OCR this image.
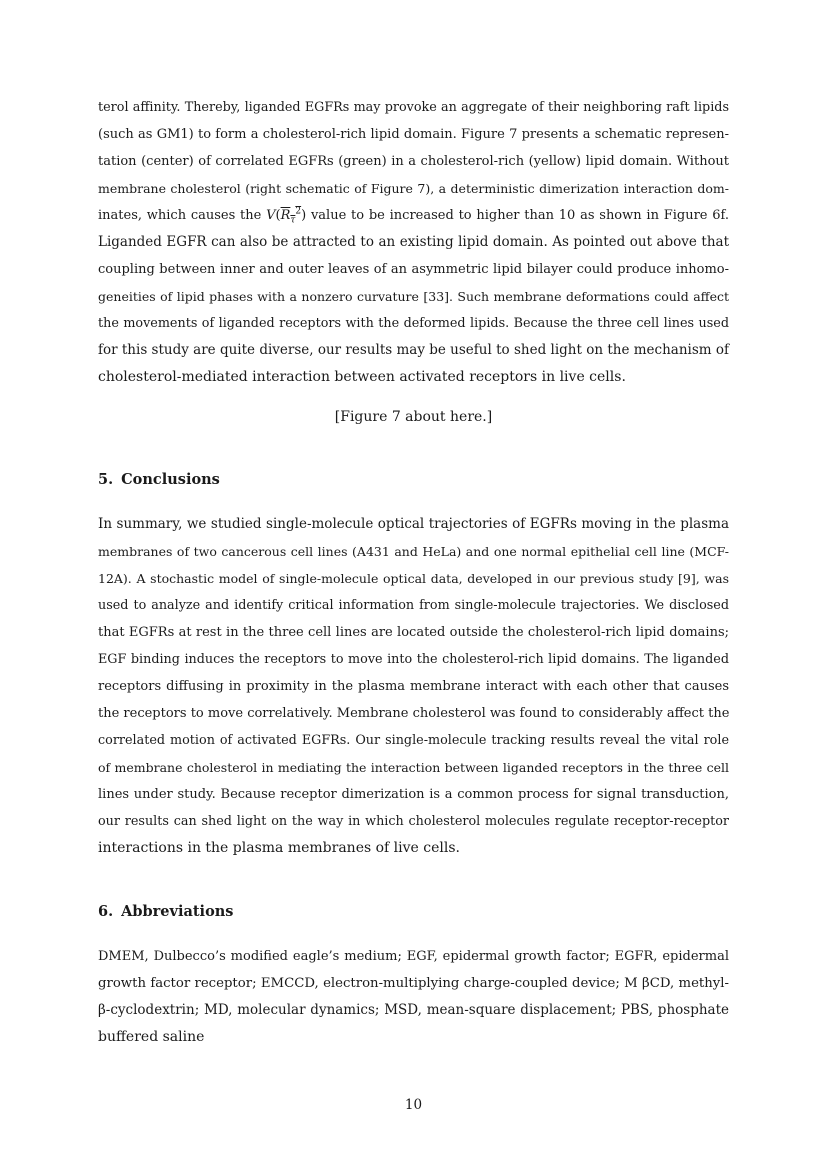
terol affinity. Thereby, liganded EGFRs may provoke an aggregate of their neighboring raft lipids
(such as GM1) to form a cholesterol-rich lipid domain. Figure 7 presents a schematic represen-
tation (center) of correlated EGFRs (green) in a cholesterol-rich (yellow) lipid domain. Without
membrane cholesterol (right schematic of Figure 7), a deterministic dimerization interaction dom-
inates, which causes the $V(R_\tau^2)$ value to be increased to higher than 10 as shown in Figure 6f.
Liganded EGFR can also be attracted to an existing lipid domain. As pointed out above that
coupling between inner and outer leaves of an asymmetric lipid bilayer could produce inhomo-
geneities of lipid phases with a nonzero curvature [33]. Such membrane deformations could affect
the movements of liganded receptors with the deformed lipids. Because the three cell lines used
for this study are quite diverse, our results may be useful to shed light on the mechanism of
cholesterol-mediated interaction between activated receptors in live cells.
[Figure 7 about here.]
5. Conclusions
In summary, we studied single-molecule optical trajectories of EGFRs moving in the plasma
membranes of two cancerous cell lines (A431 and HeLa) and one normal epithelial cell line (MCF-
12A). A stochastic model of single-molecule optical data, developed in our previous study [9], was
used to analyze and identify critical information from single-molecule trajectories. We disclosed
that EGFRs at rest in the three cell lines are located outside the cholesterol-rich lipid domains;
EGF binding induces the receptors to move into the cholesterol-rich lipid domains. The liganded
receptors diffusing in proximity in the plasma membrane interact with each other that causes
the receptors to move correlatively. Membrane cholesterol was found to considerably affect the
correlated motion of activated EGFRs. Our single-molecule tracking results reveal the vital role
of membrane cholesterol in mediating the interaction between liganded receptors in the three cell
lines under study. Because receptor dimerization is a common process for signal transduction,
our results can shed light on the way in which cholesterol molecules regulate receptor-receptor
interactions in the plasma membranes of live cells.
6. Abbreviations
DMEM, Dulbecco’s modified eagle’s medium; EGF, epidermal growth factor; EGFR, epidermal
growth factor receptor; EMCCD, electron-multiplying charge-coupled device; M βCD, methyl-
β-cyclodextrin; MD, molecular dynamics; MSD, mean-square displacement; PBS, phosphate
buffered saline
10
